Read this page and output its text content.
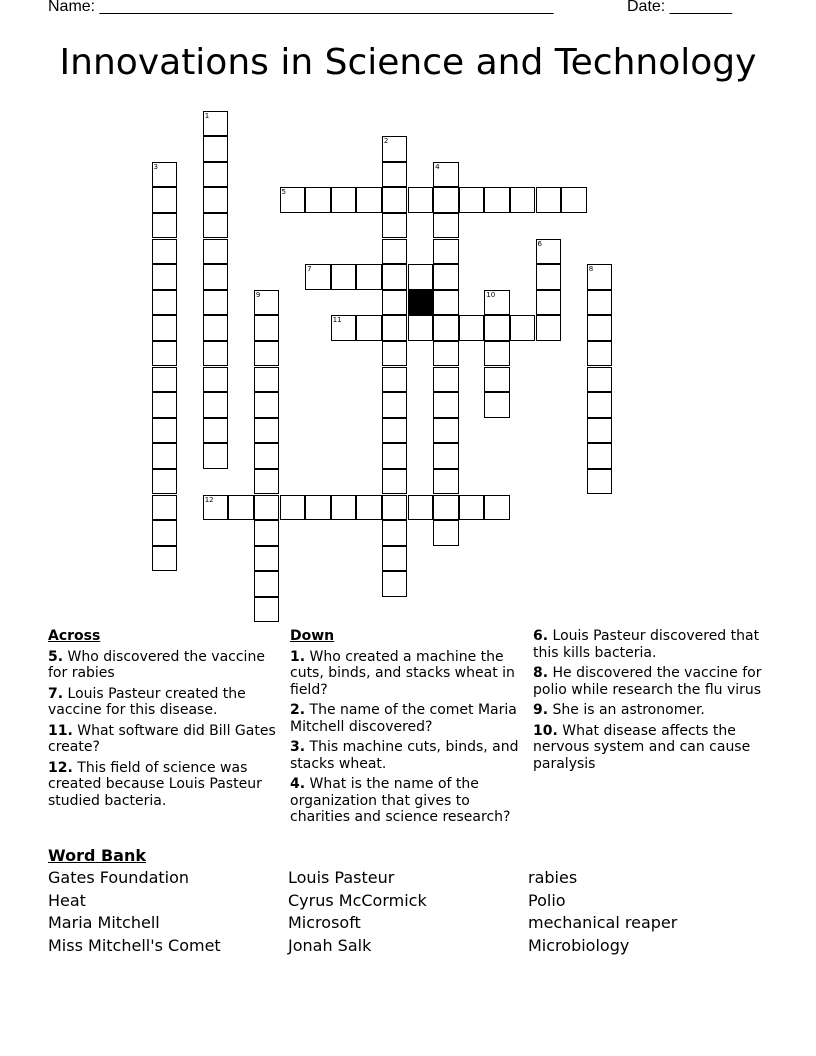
Name: ___________________________________________________	Date: _______
Innovations in Science and Technology
1
2
3	4
5
6
7	8
9	10
11
12
Across
5. Who discovered the vaccine for rabies
7. Louis Pasteur created the vaccine for this disease.
11. What software did Bill Gates create?
12. This field of science was created because Louis Pasteur studied bacteria.
Down
1. Who created a machine the cuts, binds, and stacks wheat in field?
2. The name of the comet Maria Mitchell discovered?
3. This machine cuts, binds, and stacks wheat.
4. What is the name of the organization that gives to charities and science research?
6. Louis Pasteur discovered that this kills bacteria.
8. He discovered the vaccine for polio while research the flu virus
9. She is an astronomer.
10. What disease affects the nervous system and can cause paralysis
Word Bank
Gates Foundation
Heat
Maria Mitchell
Miss Mitchell's Comet
Louis Pasteur
Cyrus McCormick
Microsoft
Jonah Salk
rabies
Polio
mechanical reaper
Microbiology
